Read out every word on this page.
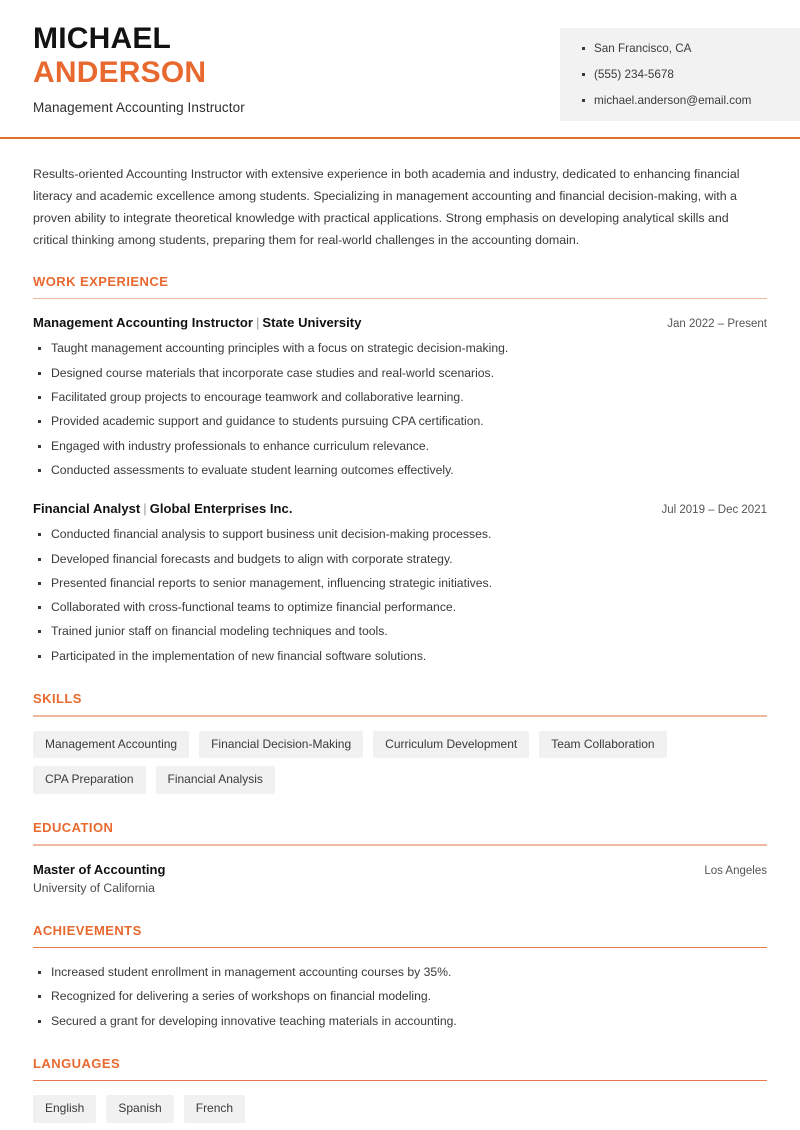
MICHAEL
ANDERSON
Management Accounting Instructor
San Francisco, CA
(555) 234-5678
michael.anderson@email.com

Results-oriented Accounting Instructor with extensive experience in both academia and industry, dedicated to enhancing financial literacy and academic excellence among students. Specializing in management accounting and financial decision-making, with a proven ability to integrate theoretical knowledge with practical applications. Strong emphasis on developing analytical skills and critical thinking among students, preparing them for real-world challenges in the accounting domain.

WORK EXPERIENCE
Management Accounting Instructor | State University	Jan 2022 – Present
Taught management accounting principles with a focus on strategic decision-making.
Designed course materials that incorporate case studies and real-world scenarios.
Facilitated group projects to encourage teamwork and collaborative learning.
Provided academic support and guidance to students pursuing CPA certification.
Engaged with industry professionals to enhance curriculum relevance.
Conducted assessments to evaluate student learning outcomes effectively.
Financial Analyst | Global Enterprises Inc.	Jul 2019 – Dec 2021
Conducted financial analysis to support business unit decision-making processes.
Developed financial forecasts and budgets to align with corporate strategy.
Presented financial reports to senior management, influencing strategic initiatives.
Collaborated with cross-functional teams to optimize financial performance.
Trained junior staff on financial modeling techniques and tools.
Participated in the implementation of new financial software solutions.
SKILLS
Management Accounting	Financial Decision-Making	Curriculum Development	Team Collaboration
CPA Preparation	Financial Analysis
EDUCATION
Master of Accounting	Los Angeles
University of California
ACHIEVEMENTS
Increased student enrollment in management accounting courses by 35%.
Recognized for delivering a series of workshops on financial modeling.
Secured a grant for developing innovative teaching materials in accounting.
LANGUAGES
English	Spanish	French
